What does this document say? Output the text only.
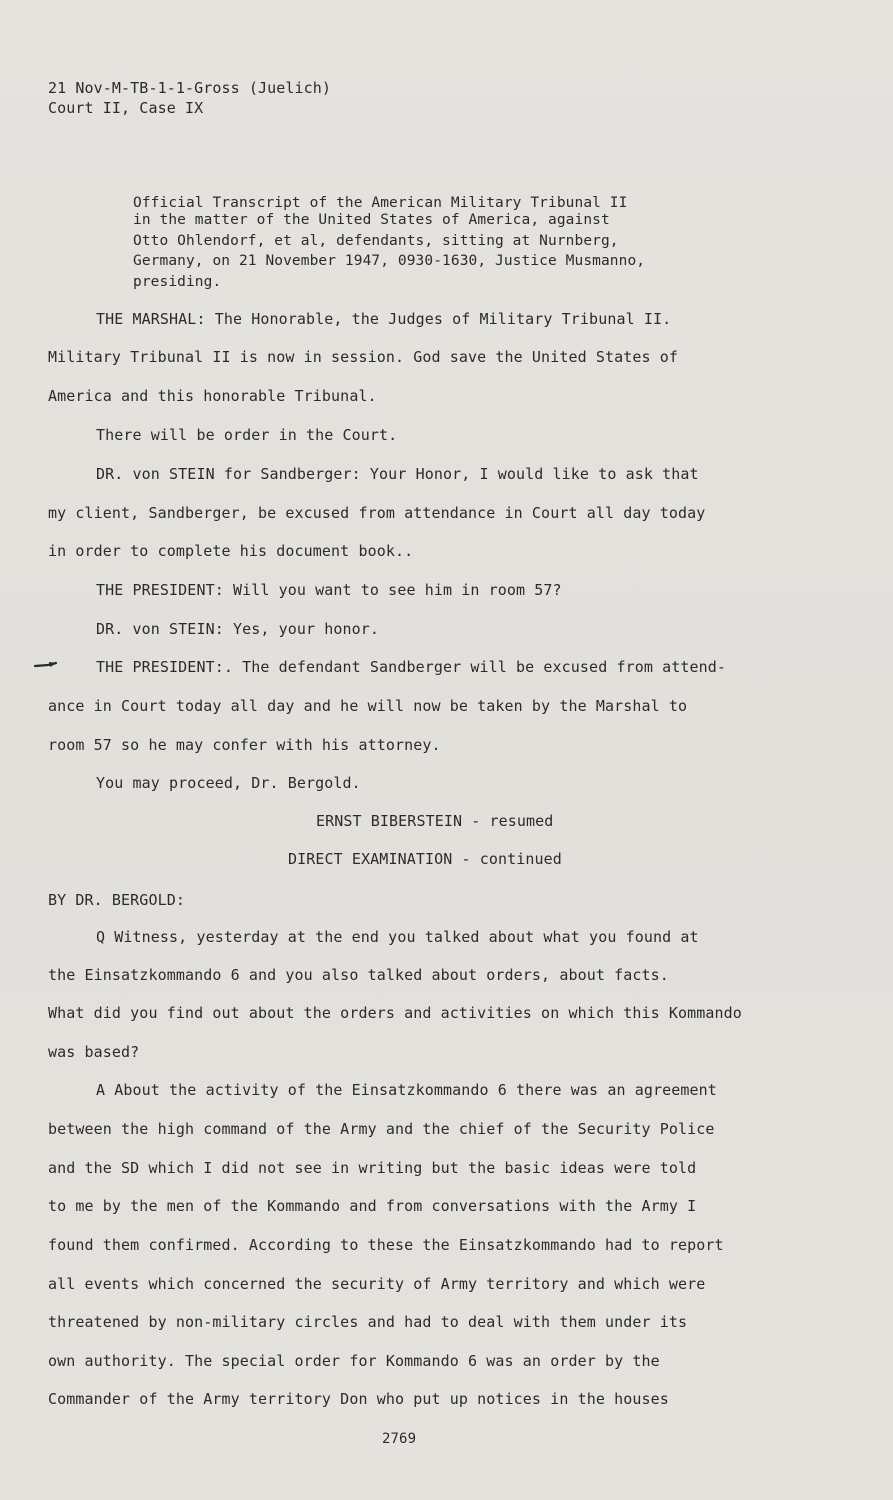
21 Nov-M-TB-1-1-Gross (Juelich)
Court II, Case IX
Official Transcript of the American Military Tribunal II
in the matter of the United States of America, against
Otto Ohlendorf, et al, defendants, sitting at Nurnberg,
Germany, on 21 November 1947, 0930-1630, Justice Musmanno,
presiding.
THE MARSHAL: The Honorable, the Judges of Military Tribunal II.
Military Tribunal II is now in session. God save the United States of
America and this honorable Tribunal.
There will be order in the Court.
DR. von STEIN for Sandberger: Your Honor, I would like to ask that
my client, Sandberger, be excused from attendance in Court all day today
in order to complete his document book..
THE PRESIDENT: Will you want to see him in room 57?
DR. von STEIN: Yes, your honor.
THE PRESIDENT:. The defendant Sandberger will be excused from attend-
ance in Court today all day and he will now be taken by the Marshal to
room 57 so he may confer with his attorney.
You may proceed, Dr. Bergold.
ERNST BIBERSTEIN - resumed
DIRECT EXAMINATION - continued
BY DR. BERGOLD:
Q Witness, yesterday at the end you talked about what you found at
the Einsatzkommando 6 and you also talked about orders, about facts.
What did you find out about the orders and activities on which this Kommando
was based?
A About the activity of the Einsatzkommando 6 there was an agreement
between the high command of the Army and the chief of the Security Police
and the SD which I did not see in writing but the basic ideas were told
to me by the men of the Kommando and from conversations with the Army I
found them confirmed. According to these the Einsatzkommando had to report
all events which concerned the security of Army territory and which were
threatened by non-military circles and had to deal with them under its
own authority. The special order for Kommando 6 was an order by the
Commander of the Army territory Don who put up notices in the houses
2769
